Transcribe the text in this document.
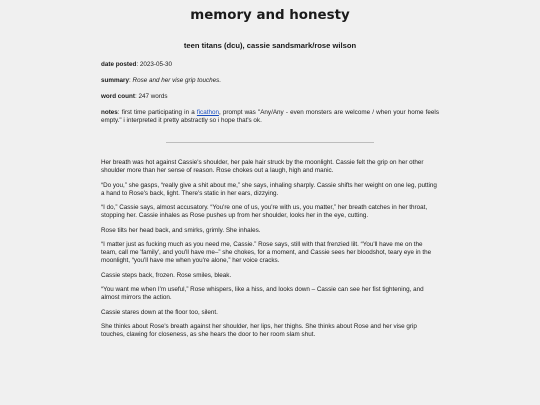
memory and honesty
teen titans (dcu), cassie sandsmark/rose wilson

date posted: 2023-05-30

summary: Rose and her vise grip touches.

word count: 247 words

notes: first time participating in a ficathon, prompt was "Any/Any - even monsters are welcome / when your home feels empty." i interpreted it pretty abstractly so i hope that's ok.

Her breath was hot against Cassie's shoulder, her pale hair struck by the moonlight. Cassie felt the grip on her other shoulder more than her sense of reason. Rose chokes out a laugh, high and manic.

“Do you,” she gasps, “really give a shit about me,” she says, inhaling sharply. Cassie shifts her weight on one leg, putting a hand to Rose's back, light. There's static in her ears, dizzying.

“I do,” Cassie says, almost accusatory. “You're one of us, you're with us, you matter,” her breath catches in her throat, stopping her. Cassie inhales as Rose pushes up from her shoulder, looks her in the eye, cutting.

Rose tilts her head back, and smirks, grimly. She inhales.

“I matter just as fucking much as you need me, Cassie.” Rose says, still with that frenzied lilt. “You'll have me on the team, call me 'family', and you'll have me–” she chokes, for a moment, and Cassie sees her bloodshot, teary eye in the moonlight, “you'll have me when you're alone,” her voice cracks.

Cassie steps back, frozen. Rose smiles, bleak.

“You want me when I'm useful,” Rose whispers, like a hiss, and looks down – Cassie can see her fist tightening, and almost mirrors the action.

Cassie stares down at the floor too, silent.

She thinks about Rose's breath against her shoulder, her lips, her thighs. She thinks about Rose and her vise grip touches, clawing for closeness, as she hears the door to her room slam shut.
